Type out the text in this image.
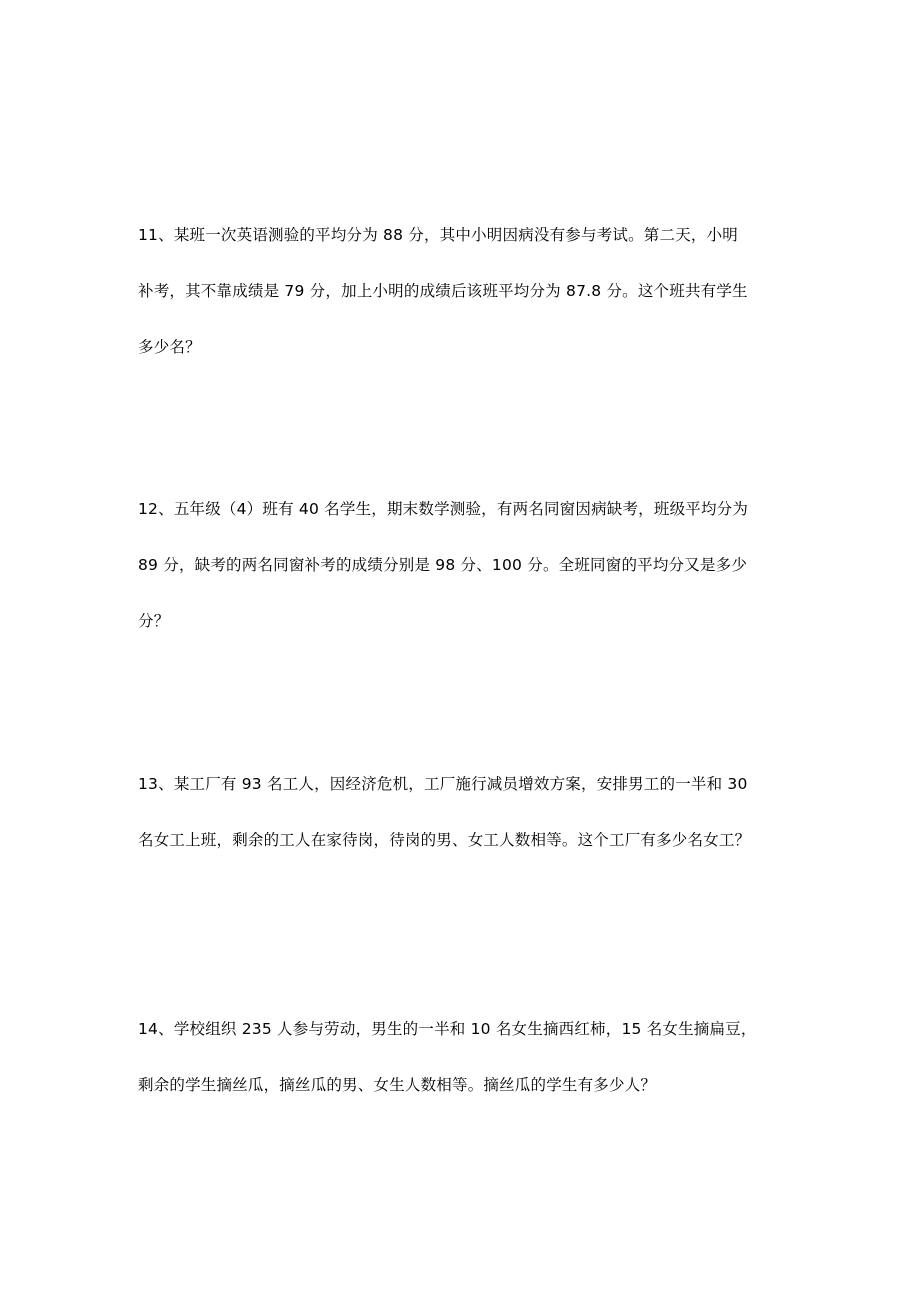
11、某班一次英语测验的平均分为 88 分，其中小明因病没有参与考试。第二天，小明
补考，其不靠成绩是 79 分，加上小明的成绩后该班平均分为 87.8 分。这个班共有学生
多少名？
12、五年级（4）班有 40 名学生，期末数学测验，有两名同窗因病缺考，班级平均分为
89 分，缺考的两名同窗补考的成绩分别是 98 分、100 分。全班同窗的平均分又是多少
分？
13、某工厂有 93 名工人，因经济危机，工厂施行减员增效方案，安排男工的一半和 30
名女工上班，剩余的工人在家待岗，待岗的男、女工人数相等。这个工厂有多少名女工？
14、学校组织 235 人参与劳动，男生的一半和 10 名女生摘西红柿，15 名女生摘扁豆，
剩余的学生摘丝瓜，摘丝瓜的男、女生人数相等。摘丝瓜的学生有多少人？
